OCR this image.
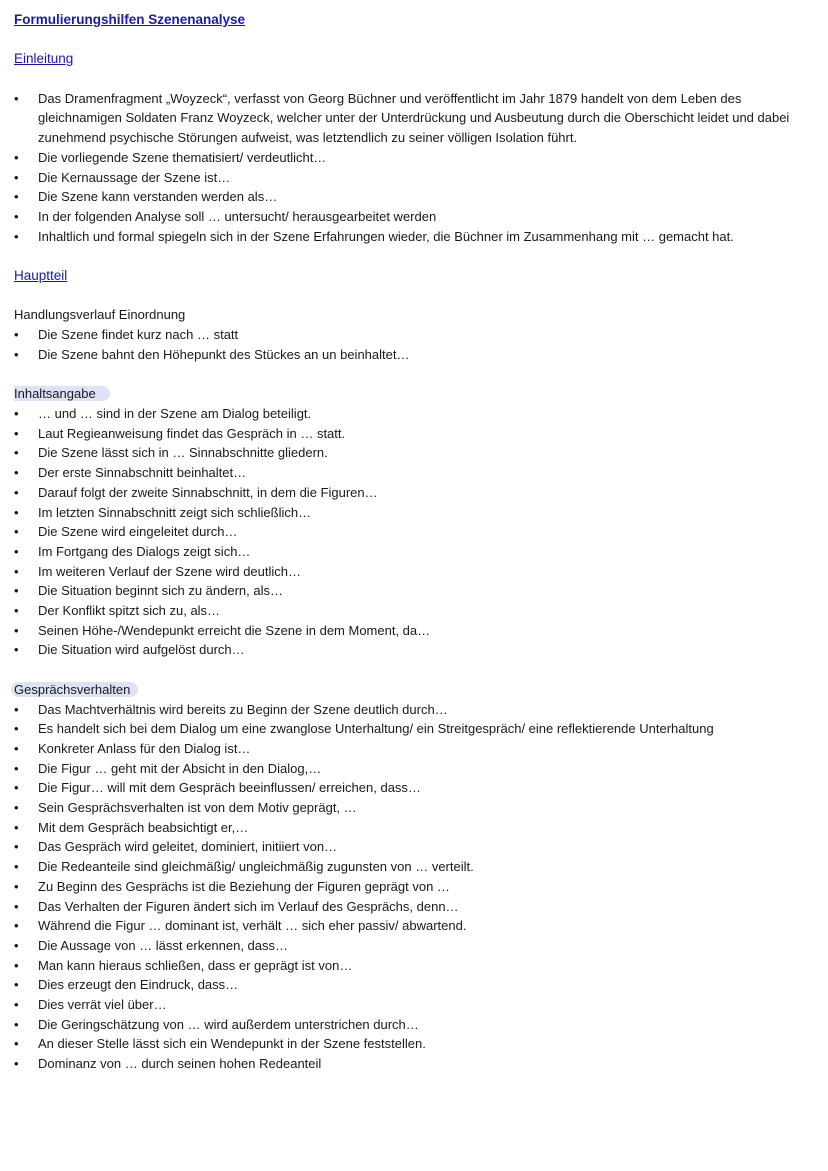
Formulierungshilfen Szenenanalyse

Einleitung

• Das Dramenfragment „Woyzeck“, verfasst von Georg Büchner und veröffentlicht im Jahr 1879 handelt von dem Leben des gleichnamigen Soldaten Franz Woyzeck, welcher unter der Unterdrückung und Ausbeutung durch die Oberschicht leidet und dabei zunehmend psychische Störungen aufweist, was letztendlich zu seiner völligen Isolation führt.
• Die vorliegende Szene thematisiert/ verdeutlicht…
• Die Kernaussage der Szene ist…
• Die Szene kann verstanden werden als…
• In der folgenden Analyse soll … untersucht/ herausgearbeitet werden
• Inhaltlich und formal spiegeln sich in der Szene Erfahrungen wieder, die Büchner im Zusammenhang mit … gemacht hat.

Hauptteil

Handlungsverlauf Einordnung

• Die Szene findet kurz nach … statt
• Die Szene bahnt den Höhepunkt des Stückes an un beinhaltet…

Inhaltsangabe

• … und … sind in der Szene am Dialog beteiligt.
• Laut Regieanweisung findet das Gespräch in … statt.
• Die Szene lässt sich in … Sinnabschnitte gliedern.
• Der erste Sinnabschnitt beinhaltet…
• Darauf folgt der zweite Sinnabschnitt, in dem die Figuren…
• Im letzten Sinnabschnitt zeigt sich schließlich…
• Die Szene wird eingeleitet durch…
• Im Fortgang des Dialogs zeigt sich…
• Im weiteren Verlauf der Szene wird deutlich…
• Die Situation beginnt sich zu ändern, als…
• Der Konflikt spitzt sich zu, als…
• Seinen Höhe-/Wendepunkt erreicht die Szene in dem Moment, da…
• Die Situation wird aufgelöst durch…

Gesprächsverhalten

• Das Machtverhältnis wird bereits zu Beginn der Szene deutlich durch…
• Es handelt sich bei dem Dialog um eine zwanglose Unterhaltung/ ein Streitgespräch/ eine reflektierende Unterhaltung
• Konkreter Anlass für den Dialog ist…
• Die Figur … geht mit der Absicht in den Dialog,…
• Die Figur… will mit dem Gespräch beeinflussen/ erreichen, dass…
• Sein Gesprächsverhalten ist von dem Motiv geprägt, …
• Mit dem Gespräch beabsichtigt er,…
• Das Gespräch wird geleitet, dominiert, initiiert von…
• Die Redeanteile sind gleichmäßig/ ungleichmäßig zugunsten von … verteilt.
• Zu Beginn des Gesprächs ist die Beziehung der Figuren geprägt von …
• Das Verhalten der Figuren ändert sich im Verlauf des Gesprächs, denn…
• Während die Figur … dominant ist, verhält … sich eher passiv/ abwartend.
• Die Aussage von … lässt erkennen, dass…
• Man kann hieraus schließen, dass er geprägt ist von…
• Dies erzeugt den Eindruck, dass…
• Dies verrät viel über…
• Die Geringschätzung von … wird außerdem unterstrichen durch…
• An dieser Stelle lässt sich ein Wendepunkt in der Szene feststellen.
• Dominanz von … durch seinen hohen Redeanteil
